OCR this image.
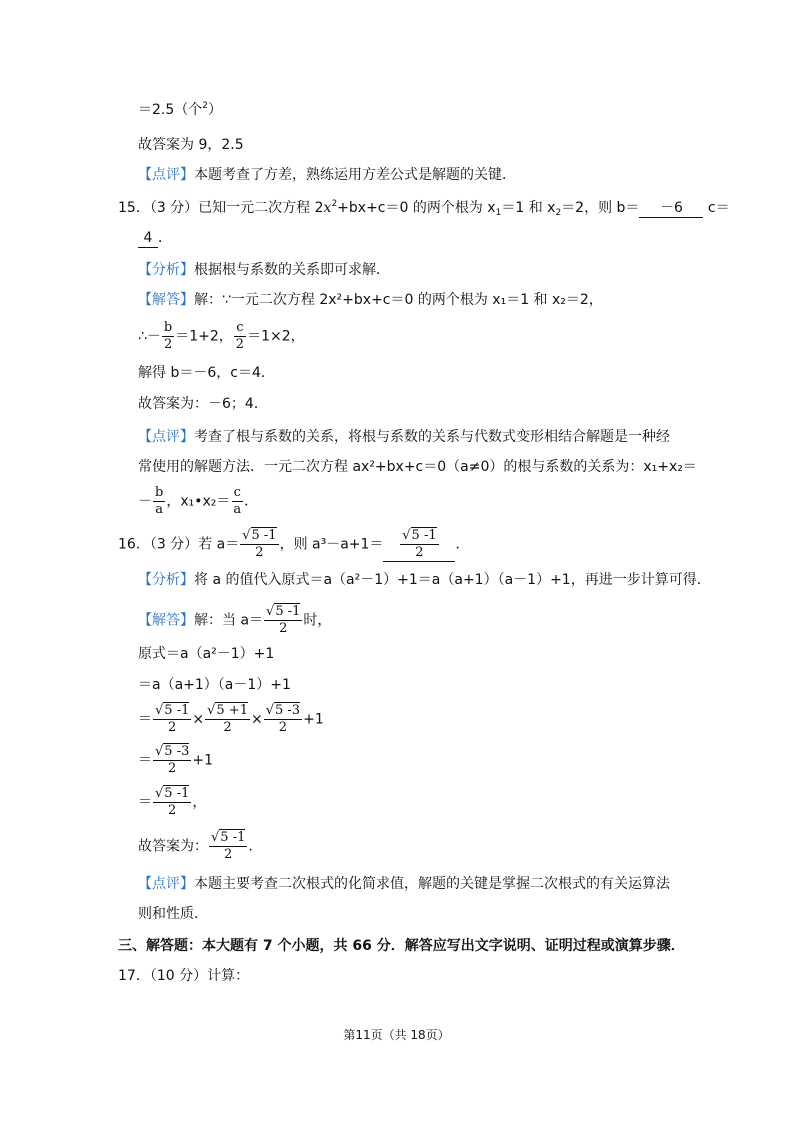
＝2.5（个$^2$）
故答案为 9，2.5
【点评】本题考查了方差，熟练运用方差公式是解题的关键．
15．（3 分）已知一元二次方程 $2x^2+bx+c=0$ 的两个根为 $x_1=1$ 和 $x_2=2$，则 b＝ －6 c＝
4 ．
【分析】根据根与系数的关系即可求解．
【解答】解：∵一元二次方程 2x²+bx+c＝0 的两个根为 x₁＝1 和 x₂＝2，
∴－ $\frac{b}{2} =1+2$， $\frac{c}{2} =1\times 2$，
解得 b＝－6，c＝4．
故答案为：－6；4．
【点评】考查了根与系数的关系，将根与系数的关系与代数式变形相结合解题是一种经
常使用的解题方法．一元二次方程 ax²+bx+c＝0（a≠0）的根与系数的关系为：x₁+x₂＝
－ $\frac{b}{a}$ ，x₁•x₂＝ $\frac{c}{a}$ ．
16．（3 分）若 $a= \frac{√5 -1}{2}$ ，则 $a^3-a+1= \frac{√5 -1}{2}$ ．
【分析】将 a 的值代入原式＝a（a²－1）+1＝a（a+1）（a－1）+1，再进一步计算可得．
【解答】解：当 $a= \frac{√5 -1}{2}$ 时，
原式＝a（a²－1）+1
＝a（a+1）（a－1）+1
＝ $\frac{√5 -1}{2} \times \frac{√5 +1}{2} \times \frac{√5 -3}{2} +1$
＝ $\frac{√5 -3}{2} +1$
＝ $\frac{√5 -1}{2}$ ，
故答案为： $\frac{√5 -1}{2}$ ．
【点评】本题主要考查二次根式的化简求值，解题的关键是掌握二次根式的有关运算法
则和性质．
三、解答题：本大题有 7 个小题，共 66 分．解答应写出文字说明、证明过程或演算步骤．
17．（10 分）计算：
第11页（共 18页）
